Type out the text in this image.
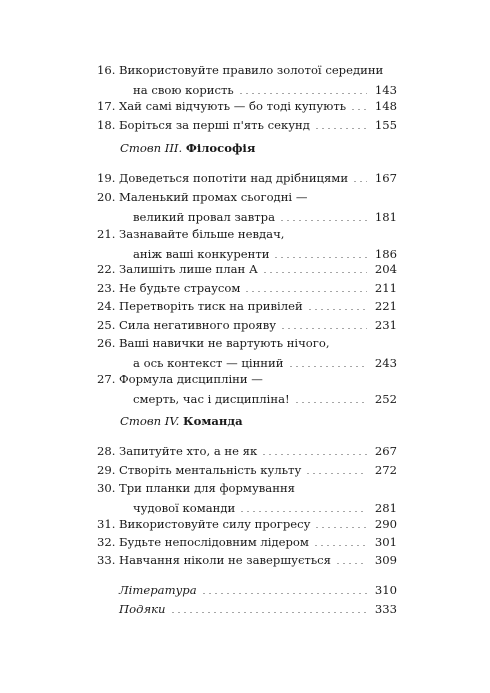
16. Використовуйте правило золотої середини
на свою користь	143
17. Хай самі відчують — бо тоді купують	148
18. Боріться за перші п'ять секунд	155
Стовп III. Філософія
19. Доведеться попотіти над дрібницями	167
20. Маленький промах сьогодні —
великий провал завтра	181
21. Зазнавайте більше невдач,
аніж ваші конкуренти	186
22. Залишіть лише план А	204
23. Не будьте страусом	211
24. Перетворіть тиск на привілей	221
25. Сила негативного прояву	231
26. Ваші навички не вартують нічого,
а ось контекст — цінний	243
27. Формула дисципліни —
смерть, час і дисципліна!	252
Стовп IV. Команда
28. Запитуйте хто, а не як	267
29. Створіть ментальність культу	272
30. Три планки для формування
чудової команди	281
31. Використовуйте силу прогресу	290
32. Будьте непослідовним лідером	301
33. Навчання ніколи не завершується	309
Література	310
Подяки	333
